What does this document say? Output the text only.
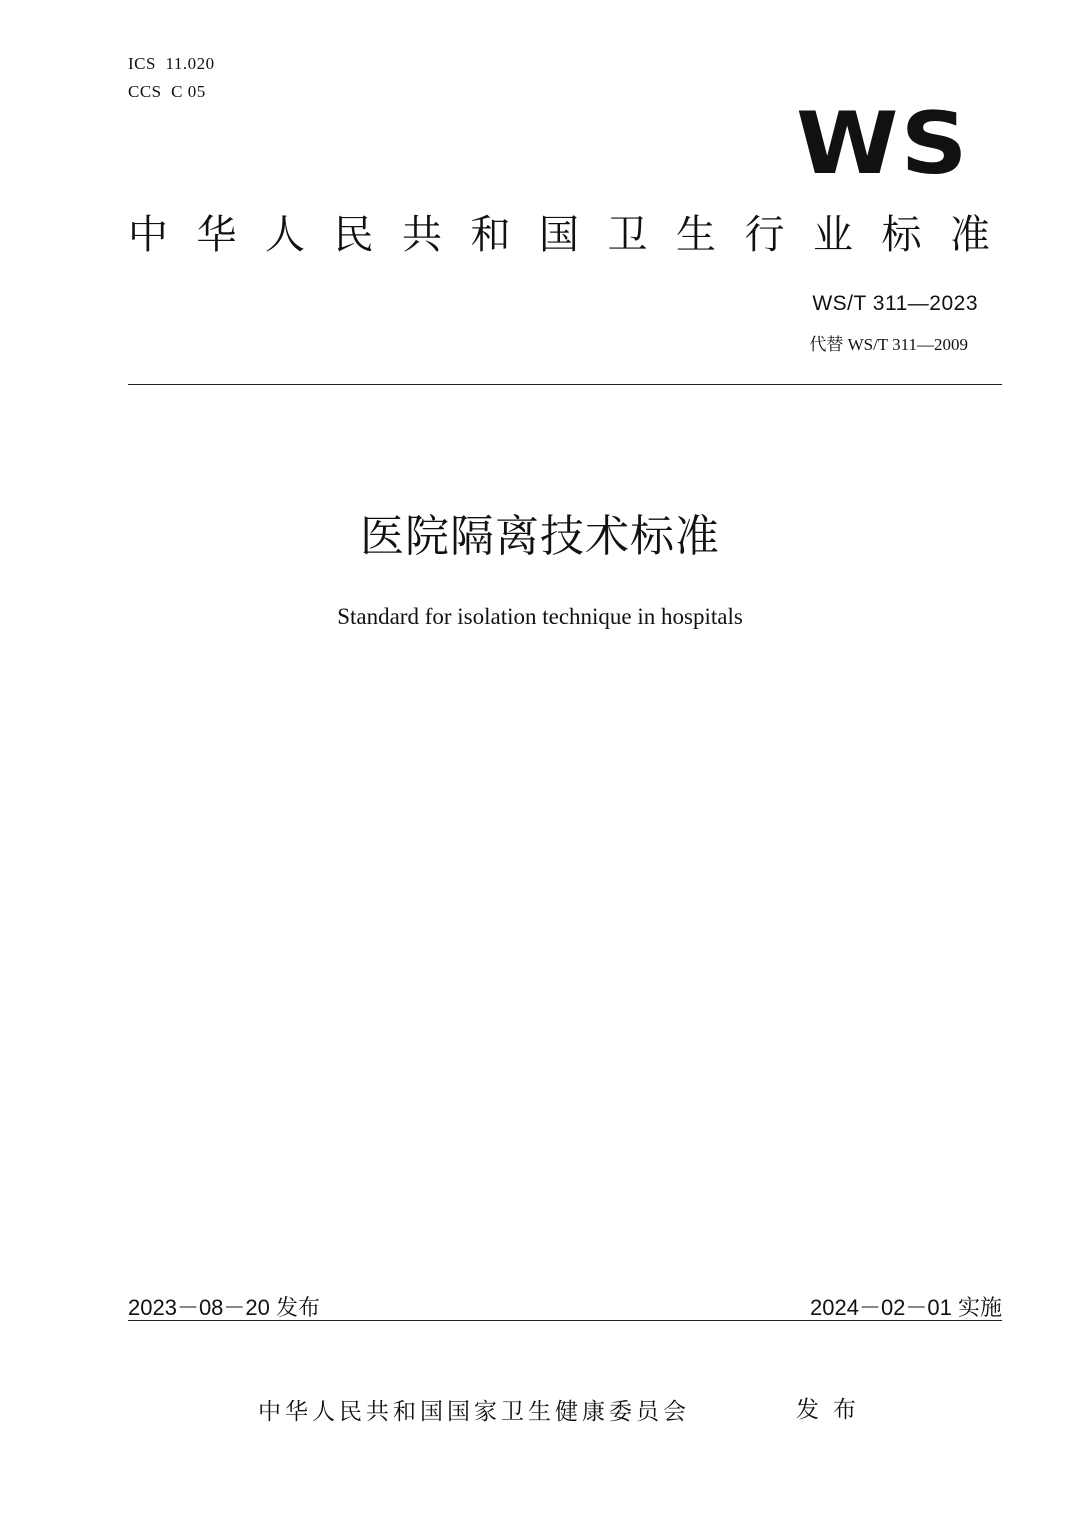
ICS  11.020
CCS  C 05
WS
中华人民共和国卫生行业标准
WS/T 311—2023
代替 WS/T 311—2009
医院隔离技术标准
Standard for isolation technique in hospitals
2023－08－20 发布	2024－02－01 实施
中华人民共和国国家卫生健康委员会	发布
